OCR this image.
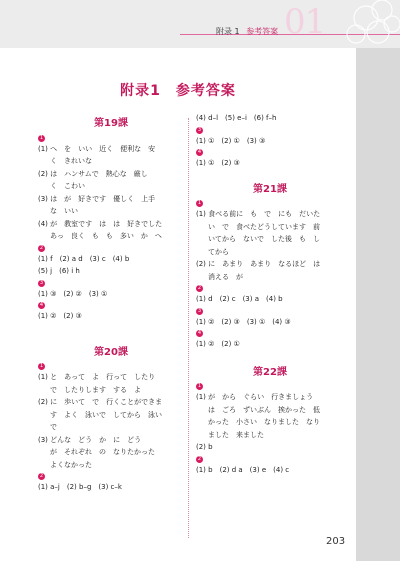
附录 1 参考答案 01
附录1　参考答案
第19課
1
(1) へ　を　いい　近く　便利な　安
く　きれいな
(2) は　ハンサムで　熱心な　厳し
く　こわい
(3) は　が　好きです　優しく　上手
な　いい
(4) が　教室です　は　は　好きでした
あっ　良く　も　も　多い　か　へ
2
(1) f　(2) a d　(3) c　(4) b
(5) j　(6) i h
3
(1) ③　(2) ②　(3) ①
4
(1) ②　(2) ③
第20課
1
(1) と　あって　よ　行って　したり
で　したりします　する　よ
(2) に　歩いて　で　行くことができま
す　よく　泳いで　してから　泳い
で
(3) どんな　どう　か　に　どう
が　それぞれ　の　なりたかった
よくなかった
2
(1) a–j　(2) b–g　(3) c–k
(4) d–l　(5) e–i　(6) f–h
3
(1) ①　(2) ①　(3) ③
4
(1) ①　(2) ③
第21課
1
(1) 食べる前に　も　で　にも　だいた
い　で　食べたどうしています　前
いてから　ないで　した後　も　し
てから
(2) に　あまり　あまり　なるほど　は
消える　が
2
(1) d　(2) c　(3) a　(4) b
3
(1) ②　(2) ③　(3) ①　(4) ③
4
(1) ②　(2) ①
第22課
1
(1) が　から　ぐらい　行きましょう
は　ごろ　ずいぶん　挨かった　低
かった　小さい　なりました　なり
ました　来ました
(2) b
2
(1) b　(2) d a　(3) e　(4) c
203
